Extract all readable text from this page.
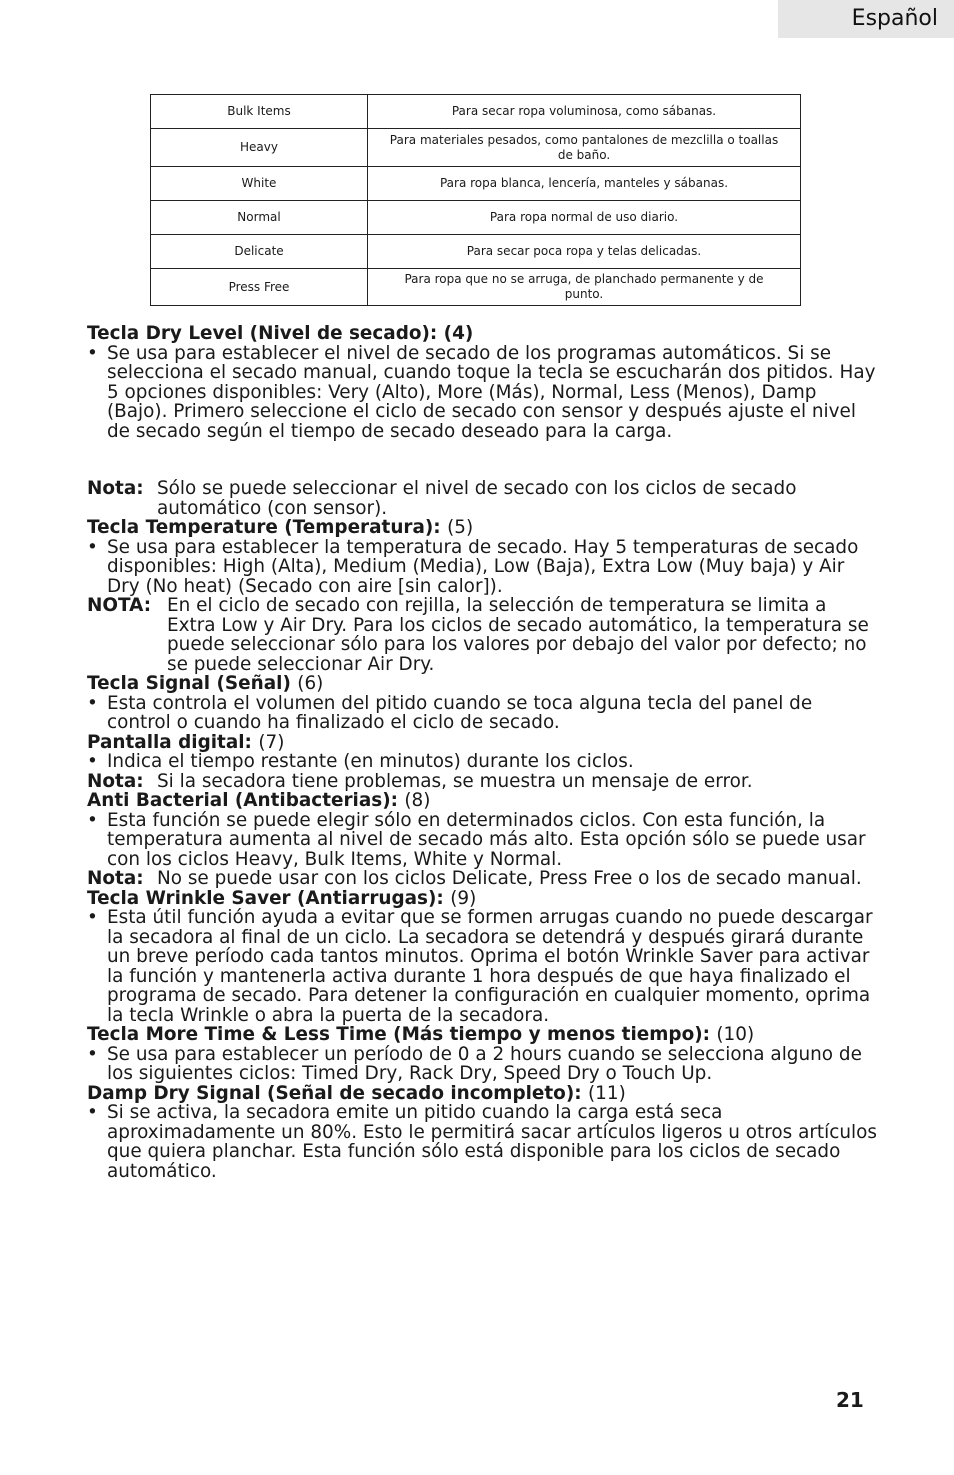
Español
Bulk Items	Para secar ropa voluminosa, como sábanas.
Heavy	Para materiales pesados, como pantalones de mezclilla o toallas de baño.
White	Para ropa blanca, lencería, manteles y sábanas.
Normal	Para ropa normal de uso diario.
Delicate	Para secar poca ropa y telas delicadas.
Press Free	Para ropa que no se arruga, de planchado permanente y de punto.

Tecla Dry Level (Nivel de secado): (4)

• Se usa para establecer el nivel de secado de los programas automáticos. Si se selecciona el secado manual, cuando toque la tecla se escucharán dos pitidos. Hay 5 opciones disponibles: Very (Alto), More (Más), Normal, Less (Menos), Damp (Bajo). Primero seleccione el ciclo de secado con sensor y después ajuste el nivel de secado según el tiempo de secado deseado para la carga.

Nota: Sólo se puede seleccionar el nivel de secado con los ciclos de secado automático (con sensor).

Tecla Temperature (Temperatura): (5)

• Se usa para establecer la temperatura de secado. Hay 5 temperaturas de secado disponibles: High (Alta), Medium (Media), Low (Baja), Extra Low (Muy baja) y Air Dry (No heat) (Secado con aire [sin calor]).

NOTA: En el ciclo de secado con rejilla, la selección de temperatura se limita a Extra Low y Air Dry. Para los ciclos de secado automático, la temperatura se puede seleccionar sólo para los valores por debajo del valor por defecto; no se puede seleccionar Air Dry.

Tecla Signal (Señal) (6)

• Esta controla el volumen del pitido cuando se toca alguna tecla del panel de control o cuando ha finalizado el ciclo de secado.

Pantalla digital: (7)

• Indica el tiempo restante (en minutos) durante los ciclos.

Nota: Si la secadora tiene problemas, se muestra un mensaje de error.

Anti Bacterial (Antibacterias): (8)

• Esta función se puede elegir sólo en determinados ciclos. Con esta función, la temperatura aumenta al nivel de secado más alto. Esta opción sólo se puede usar con los ciclos Heavy, Bulk Items, White y Normal.

Nota: No se puede usar con los ciclos Delicate, Press Free o los de secado manual.

Tecla Wrinkle Saver (Antiarrugas): (9)

• Esta útil función ayuda a evitar que se formen arrugas cuando no puede descargar la secadora al final de un ciclo. La secadora se detendrá y después girará durante un breve período cada tantos minutos. Oprima el botón Wrinkle Saver para activar la función y mantenerla activa durante 1 hora después de que haya finalizado el programa de secado. Para detener la configuración en cualquier momento, oprima la tecla Wrinkle o abra la puerta de la secadora.

Tecla More Time & Less Time (Más tiempo y menos tiempo): (10)

• Se usa para establecer un período de 0 a 2 hours cuando se selecciona alguno de los siguientes ciclos: Timed Dry, Rack Dry, Speed Dry o Touch Up.

Damp Dry Signal (Señal de secado incompleto): (11)

• Si se activa, la secadora emite un pitido cuando la carga está seca aproximadamente un 80%. Esto le permitirá sacar artículos ligeros u otros artículos que quiera planchar. Esta función sólo está disponible para los ciclos de secado automático.

21
